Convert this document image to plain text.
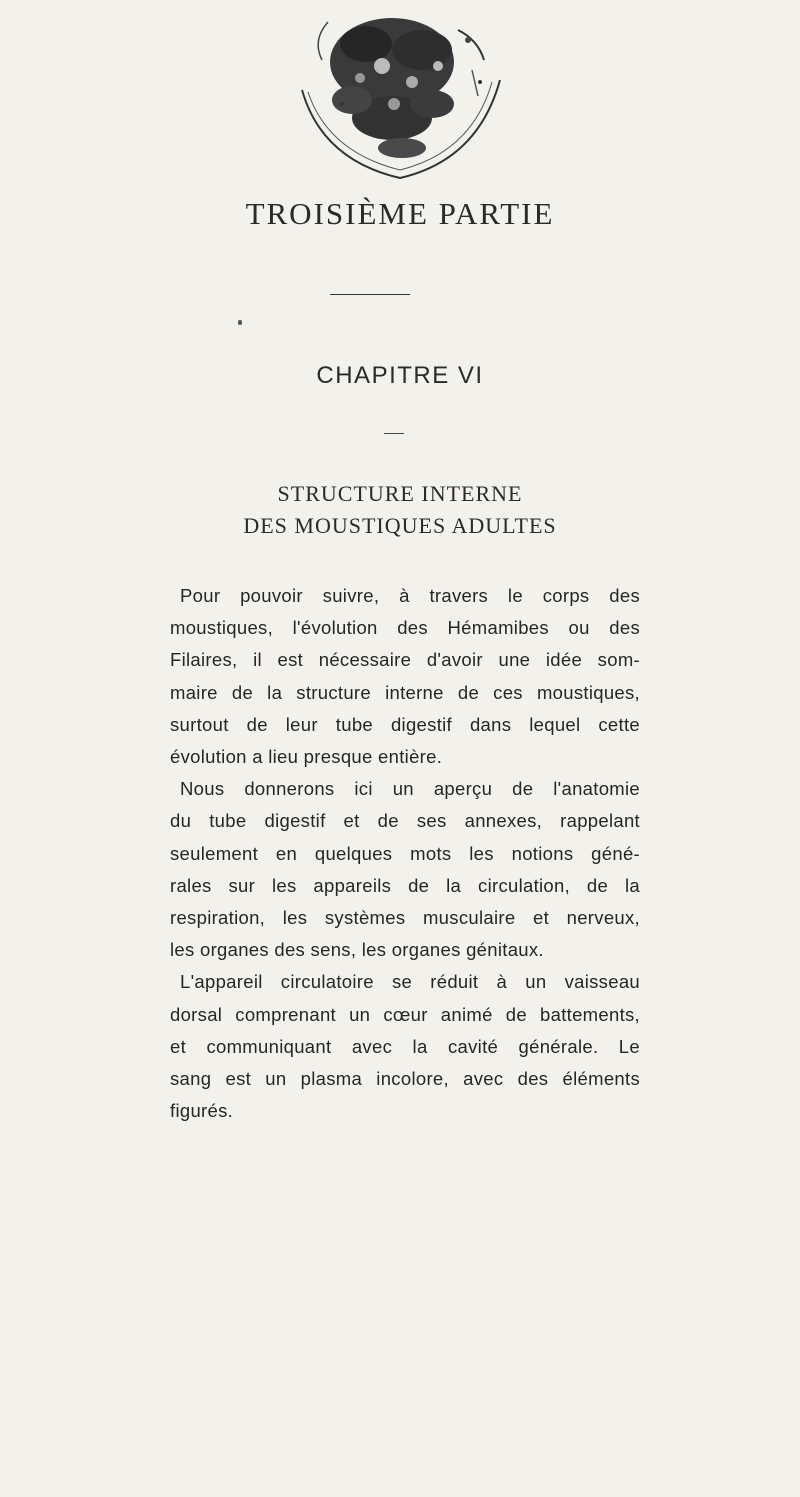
TROISIÈME PARTIE
CHAPITRE VI
STRUCTURE INTERNE
DES MOUSTIQUES ADULTES
Pour pouvoir suivre, à travers le corps des
moustiques, l'évolution des Hémamibes ou des
Filaires, il est nécessaire d'avoir une idée som-
maire de la structure interne de ces moustiques,
surtout de leur tube digestif dans lequel cette
évolution a lieu presque entière.
Nous donnerons ici un aperçu de l'anatomie
du tube digestif et de ses annexes, rappelant
seulement en quelques mots les notions géné-
rales sur les appareils de la circulation, de la
respiration, les systèmes musculaire et nerveux,
les organes des sens, les organes génitaux.
L'appareil circulatoire se réduit à un vaisseau
dorsal comprenant un cœur animé de battements,
et communiquant avec la cavité générale. Le
sang est un plasma incolore, avec des éléments
figurés.
